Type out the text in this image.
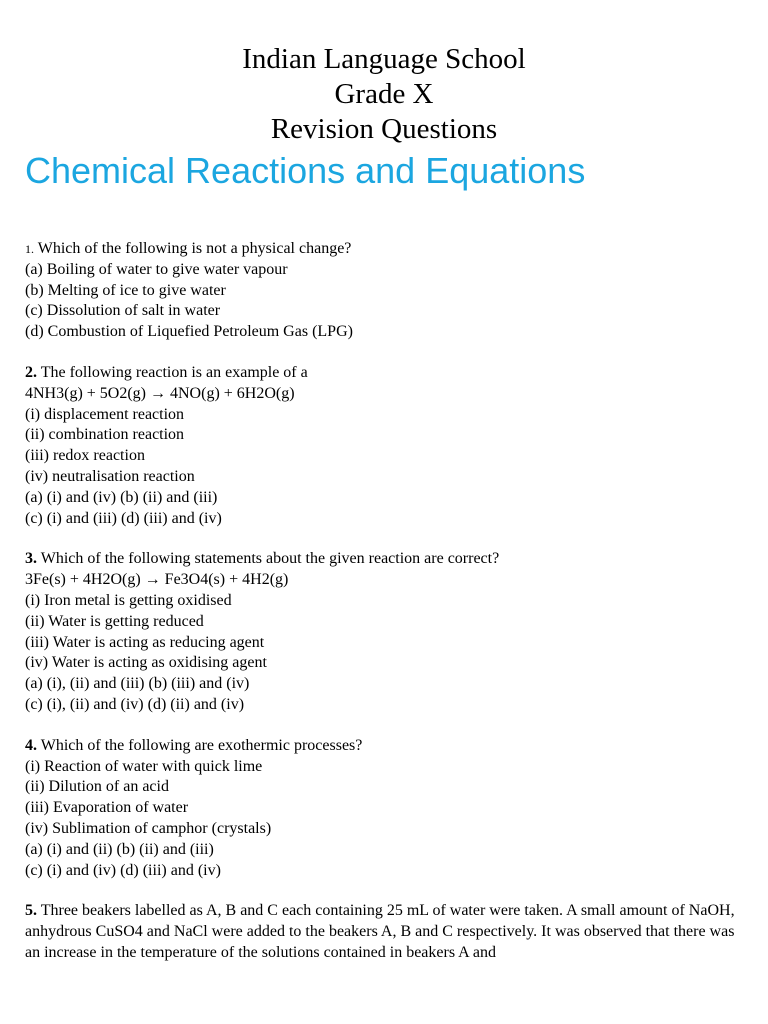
Indian Language School
Grade X
Revision Questions
Chemical Reactions and Equations
1. Which of the following is not a physical change?
(a) Boiling of water to give water vapour
(b) Melting of ice to give water
(c) Dissolution of salt in water
(d) Combustion of Liquefied Petroleum Gas (LPG)
2. The following reaction is an example of a
4NH3(g) + 5O2(g) → 4NO(g) + 6H2O(g)
(i) displacement reaction
(ii) combination reaction
(iii) redox reaction
(iv) neutralisation reaction
(a) (i) and (iv) (b) (ii) and (iii)
(c) (i) and (iii) (d) (iii) and (iv)
3. Which of the following statements about the given reaction are correct?
3Fe(s) + 4H2O(g) → Fe3O4(s) + 4H2(g)
(i) Iron metal is getting oxidised
(ii) Water is getting reduced
(iii) Water is acting as reducing agent
(iv) Water is acting as oxidising agent
(a) (i), (ii) and (iii) (b) (iii) and (iv)
(c) (i), (ii) and (iv) (d) (ii) and (iv)
4. Which of the following are exothermic processes?
(i) Reaction of water with quick lime
(ii) Dilution of an acid
(iii) Evaporation of water
(iv) Sublimation of camphor (crystals)
(a) (i) and (ii) (b) (ii) and (iii)
(c) (i) and (iv) (d) (iii) and (iv)
5. Three beakers labelled as A, B and C each containing 25 mL of water were taken. A small amount of NaOH, anhydrous CuSO4 and NaCl were added to the beakers A, B and C respectively. It was observed that there was an increase in the temperature of the solutions contained in beakers A and
